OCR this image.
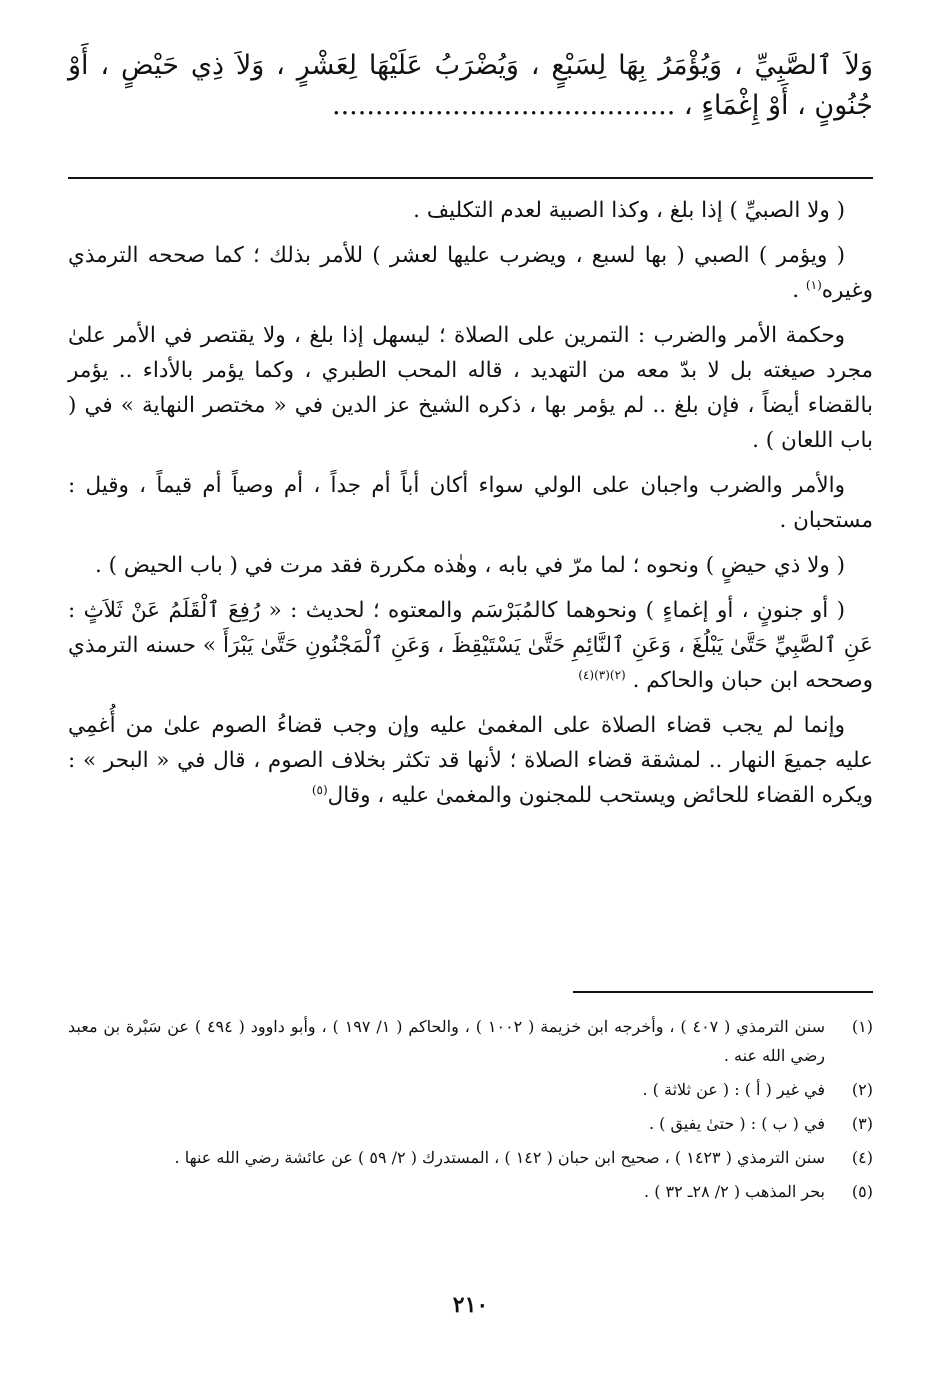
وَلاَ ٱلصَّبِيِّ ، وَيُؤْمَرُ بِهَا لِسَبْعٍ ، وَيُضْرَبُ عَلَيْهَا لِعَشْرٍ ، وَلاَ ذِي حَيْضٍ ، أَوْ جُنُونٍ ، أَوْ إِغْمَاءٍ ، ........................................

( ولا الصبيِّ ) إذا بلغ ، وكذا الصبية لعدم التكليف .

( ويؤمر ) الصبي ( بها لسبع ، ويضرب عليها لعشر ) للأمر بذلك ؛ كما صححه الترمذي وغيره$^{(١)}$ .

وحكمة الأمر والضرب : التمرين على الصلاة ؛ ليسهل إذا بلغ ، ولا يقتصر في الأمر علىٰ مجرد صيغته بل لا بدّ معه من التهديد ، قاله المحب الطبري ، وكما يؤمر بالأداء .. يؤمر بالقضاء أيضاً ، فإن بلغ .. لم يؤمر بها ، ذكره الشيخ عز الدين في « مختصر النهاية » في ( باب اللعان ) .

والأمر والضرب واجبان على الولي سواء أكان أباً أم جداً ، أم وصياً أم قيماً ، وقيل : مستحبان .

( ولا ذي حيضٍ ) ونحوه ؛ لما مرّ في بابه ، وهٰذه مكررة فقد مرت في ( باب الحيض ) .

( أو جنونٍ ، أو إغماءٍ ) ونحوهما كالمُبَرْسَم والمعتوه ؛ لحديث : « رُفِعَ ٱلْقَلَمُ عَنْ ثَلاَثٍ : عَنِ ٱلصَّبِيِّ حَتَّىٰ يَبْلُغَ ، وَعَنِ ٱلنَّائِمِ حَتَّىٰ يَسْتَيْقِظَ ، وَعَنِ ٱلْمَجْنُونِ حَتَّىٰ يَبْرَأَ » حسنه الترمذي وصححه ابن حبان والحاكم . $^{(٢)(٣)(٤)}$

وإنما لم يجب قضاء الصلاة على المغمىٰ عليه وإن وجب قضاءُ الصوم علىٰ من أُغمِي عليه جميعَ النهار .. لمشقة قضاء الصلاة ؛ لأنها قد تكثر بخلاف الصوم ، قال في « البحر » : ويكره القضاء للحائض ويستحب للمجنون والمغمىٰ عليه ، وقال$^{(٥)}$

(١)
سنن الترمذي ( ٤٠٧ ) ، وأخرجه ابن خزيمة ( ١٠٠٢ ) ، والحاكم ( ١/ ١٩٧ ) ، وأبو داوود ( ٤٩٤ ) عن سَبْرة بن معبد رضي الله عنه .
(٢)
في غير ( أ ) : ( عن ثلاثة ) .
(٣)
في ( ب ) : ( حتىٰ يفيق ) .
(٤)
سنن الترمذي ( ١٤٢٣ ) ، صحيح ابن حبان ( ١٤٢ ) ، المستدرك ( ٢/ ٥٩ ) عن عائشة رضي الله عنها .
(٥)
بحر المذهب ( ٢/ ٢٨ـ ٣٢ ) .
٢١٠
